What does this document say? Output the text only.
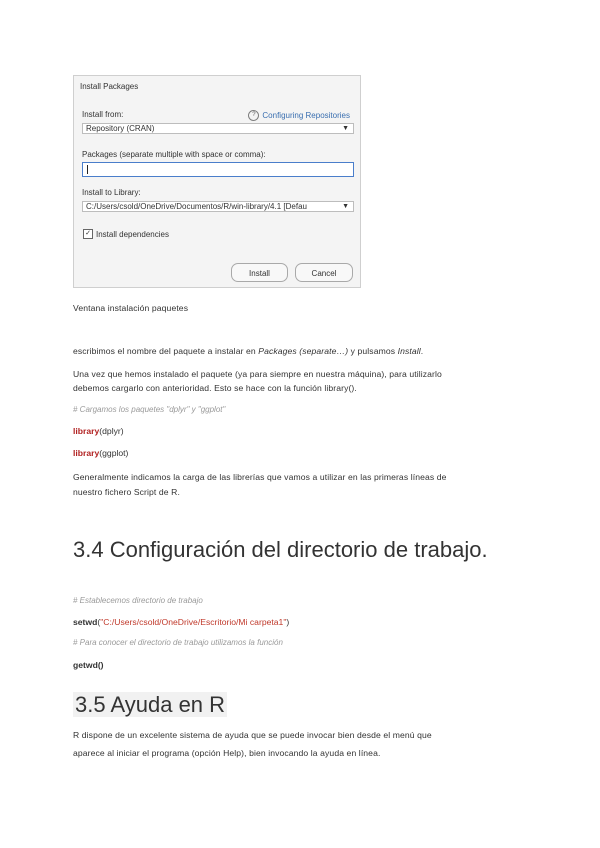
Install Packages
Install from:	? Configuring Repositories
Repository (CRAN)	▼
Packages (separate multiple with space or comma):
Install to Library:
C:/Users/csold/OneDrive/Documentos/R/win-library/4.1 [Defau	▼
✓ Install dependencies
Install	Cancel
Ventana instalación paquetes
escribimos el nombre del paquete a instalar en Packages (separate…) y pulsamos Install.
Una vez que hemos instalado el paquete (ya para siempre en nuestra máquina), para utilizarlo
debemos cargarlo con anterioridad. Esto se hace con la función library().
# Cargamos los paquetes "dplyr" y "ggplot"
library(dplyr)
library(ggplot)
Generalmente indicamos la carga de las librerías que vamos a utilizar en las primeras líneas de
nuestro fichero Script de R.
3.4 Configuración del directorio de trabajo.
# Establecemos directorio de trabajo
setwd("C:/Users/csold/OneDrive/Escritorio/Mi carpeta1")
# Para conocer el directorio de trabajo utilizamos la función
getwd()
3.5 Ayuda en R
R dispone de un excelente sistema de ayuda que se puede invocar bien desde el menú que
aparece al iniciar el programa (opción Help), bien invocando la ayuda en línea.
